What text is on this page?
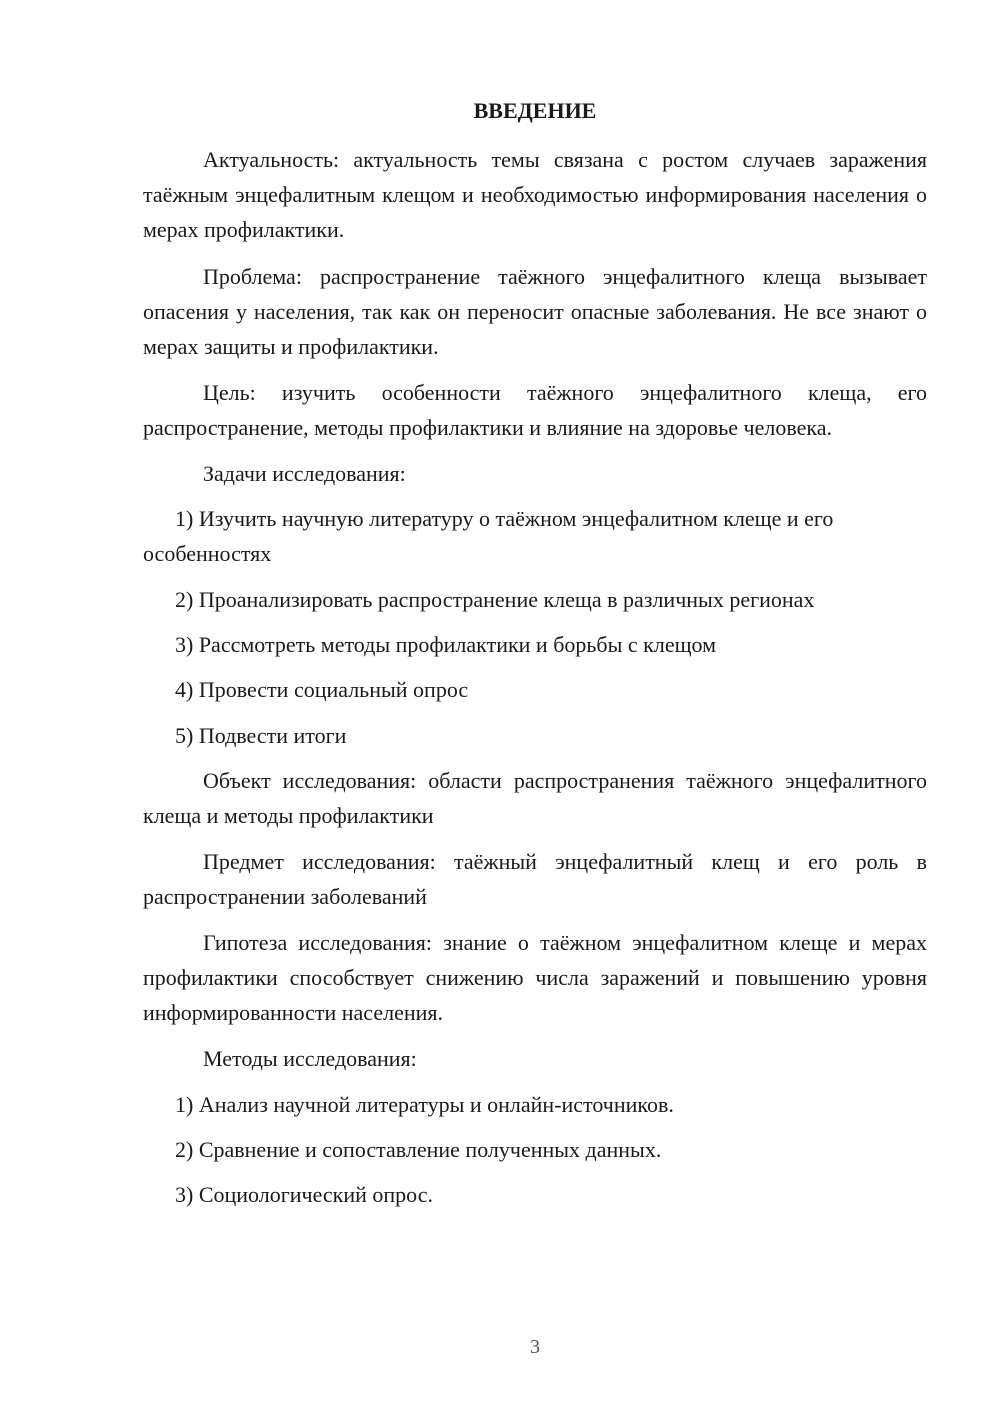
ВВЕДЕНИЕ

Актуальность: актуальность темы связана с ростом случаев заражения таёжным энцефалитным клещом и необходимостью информирования населения о мерах профилактики.

Проблема: распространение таёжного энцефалитного клеща вызывает опасения у населения, так как он переносит опасные заболевания. Не все знают о мерах защиты и профилактики.

Цель: изучить особенности таёжного энцефалитного клеща, его распространение, методы профилактики и влияние на здоровье человека.

Задачи исследования:

1) Изучить научную литературу о таёжном энцефалитном клеще и его особенностях

2) Проанализировать распространение клеща в различных регионах

3) Рассмотреть методы профилактики и борьбы с клещом

4) Провести социальный опрос

5) Подвести итоги

Объект исследования: области распространения таёжного энцефалитного клеща и методы профилактики

Предмет исследования: таёжный энцефалитный клещ и его роль в распространении заболеваний

Гипотеза исследования: знание о таёжном энцефалитном клеще и мерах профилактики способствует снижению числа заражений и повышению уровня информированности населения.

Методы исследования:

1) Анализ научной литературы и онлайн-источников.

2) Сравнение и сопоставление полученных данных.

3) Социологический опрос.

3
